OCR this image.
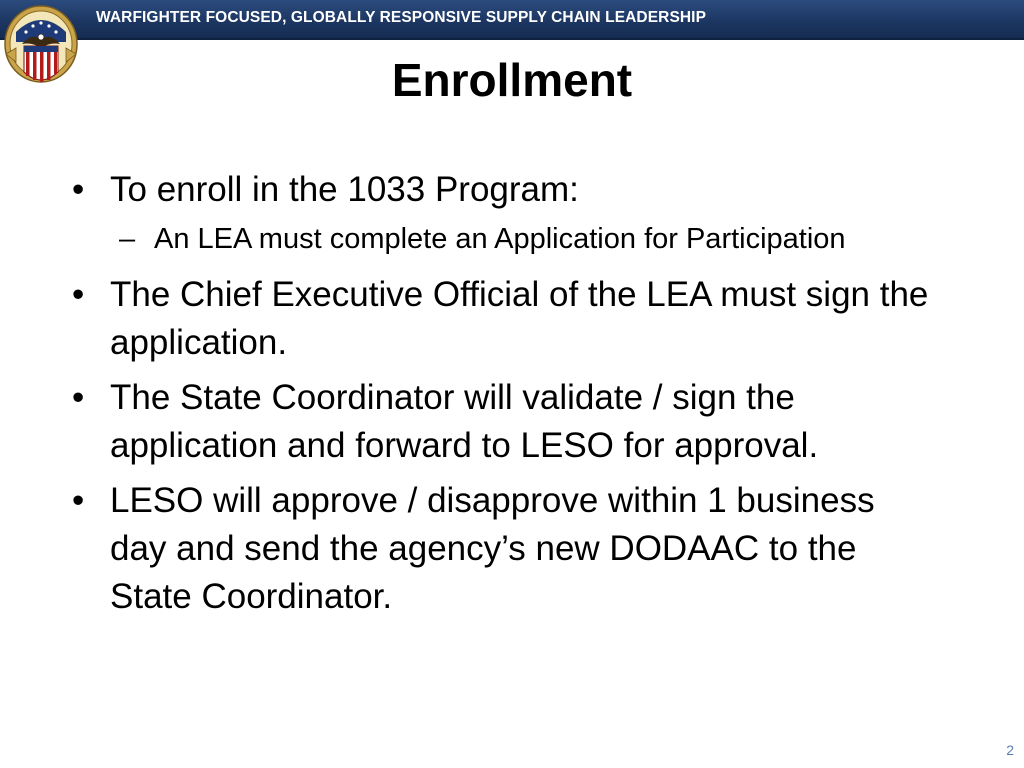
WARFIGHTER FOCUSED, GLOBALLY RESPONSIVE SUPPLY CHAIN LEADERSHIP
Enrollment
• To enroll in the 1033 Program:
– An LEA must complete an Application for Participation
• The Chief Executive Official of the LEA must sign the application.
• The State Coordinator will validate / sign the application and forward to LESO for approval.
• LESO will approve / disapprove within 1 business day and send the agency’s new DODAAC to the State Coordinator.
2
